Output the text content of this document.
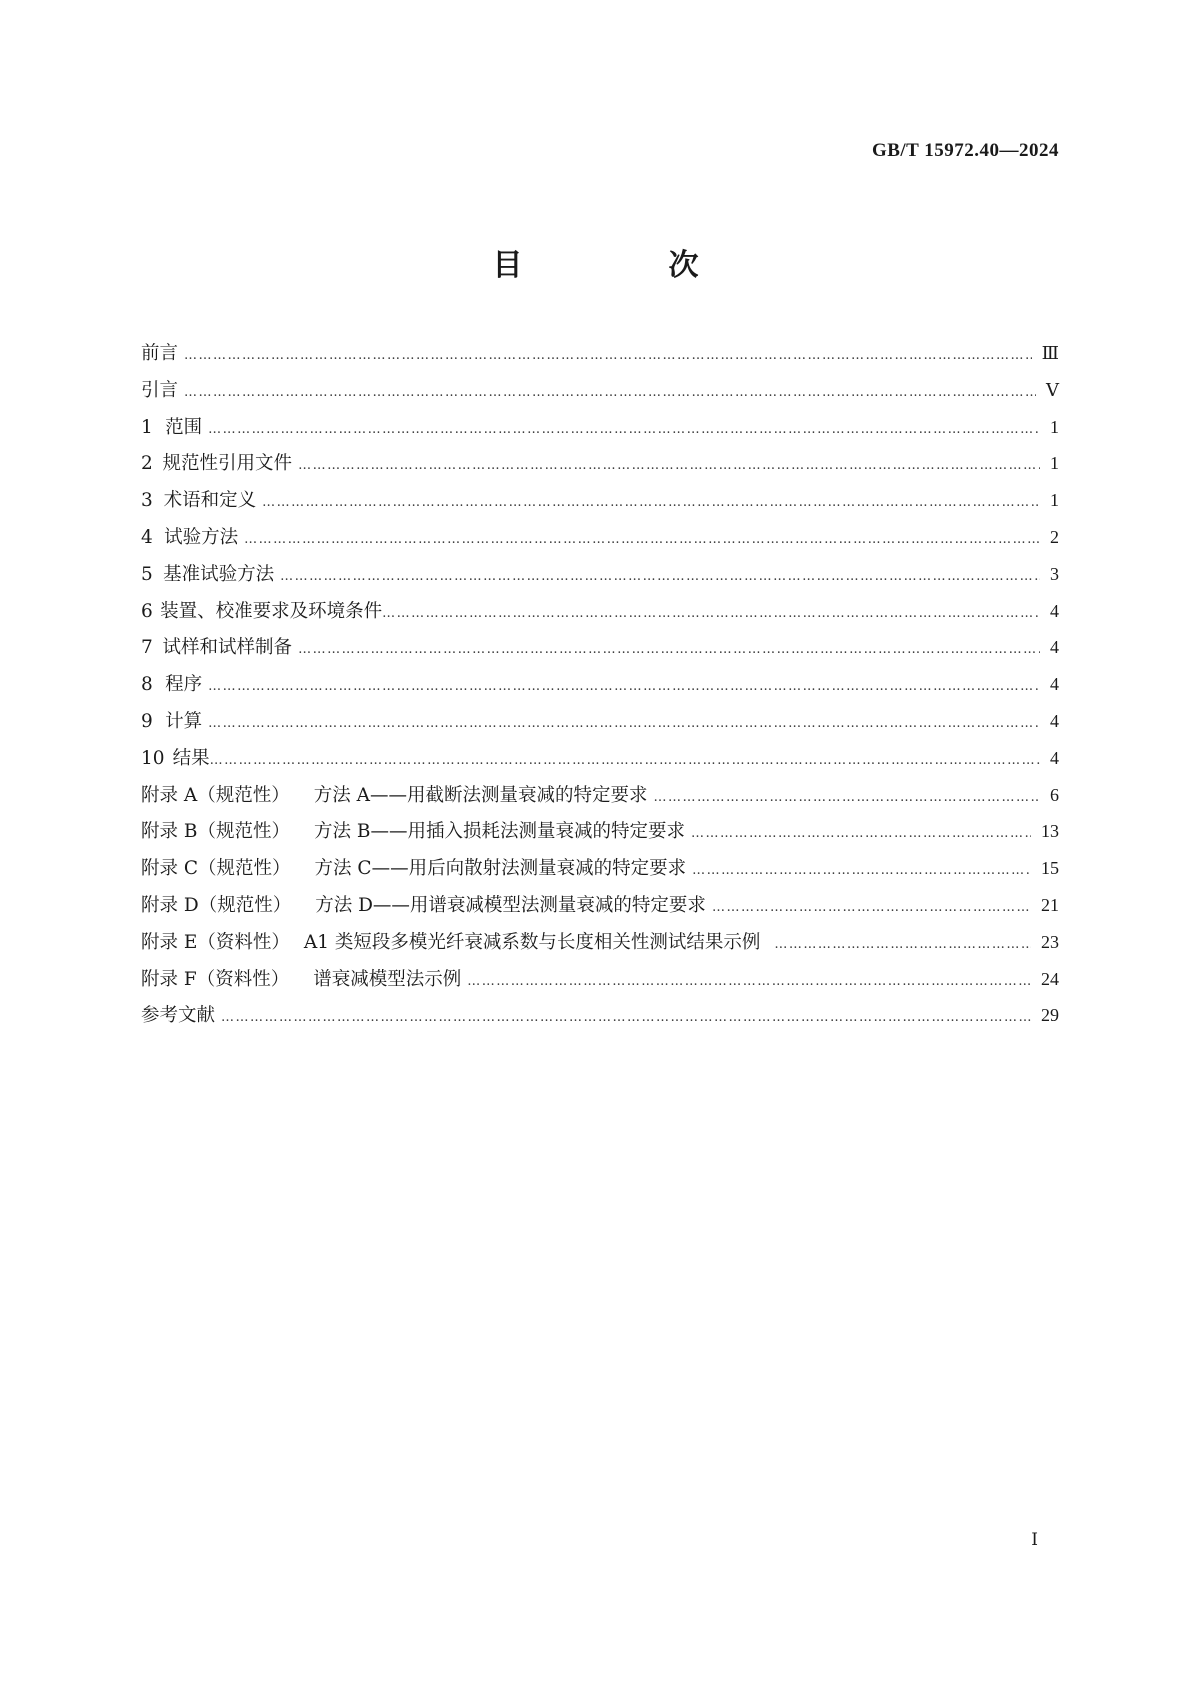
GB/T 15972.40—2024
目　次
前言 …………………………………………………………………………………………………………………………………………………………………………………………………………	Ⅲ
引言 …………………………………………………………………………………………………………………………………………………………………………………………………………	Ⅴ
1 范围 …………………………………………………………………………………………………………………………………………………………………………………………………………	1
2 规范性引用文件 …………………………………………………………………………………………………………………………………………………………………………………………………………	1
3 术语和定义 …………………………………………………………………………………………………………………………………………………………………………………………………………	1
4 试验方法 …………………………………………………………………………………………………………………………………………………………………………………………………………	2
5 基准试验方法 …………………………………………………………………………………………………………………………………………………………………………………………………………	3
6 装置、校准要求及环境条件 …………………………………………………………………………………………………………………………………………………………………………………………………………	4
7 试样和试样制备 …………………………………………………………………………………………………………………………………………………………………………………………………………	4
8 程序 …………………………………………………………………………………………………………………………………………………………………………………………………………	4
9 计算 …………………………………………………………………………………………………………………………………………………………………………………………………………	4
10 结果 …………………………………………………………………………………………………………………………………………………………………………………………………………	4
附录 A（规范性） 方法 A——用截断法测量衰减的特定要求 …………………………………………………………………………………………………………………………………………………………………………………………………………	6
附录 B（规范性） 方法 B——用插入损耗法测量衰减的特定要求 …………………………………………………………………………………………………………………………………………………………………………………………………………	13
附录 C（规范性） 方法 C——用后向散射法测量衰减的特定要求 …………………………………………………………………………………………………………………………………………………………………………………………………………	15
附录 D（规范性） 方法 D——用谱衰减模型法测量衰减的特定要求 …………………………………………………………………………………………………………………………………………………………………………………………………………	21
附录 E（资料性） A1 类短段多模光纤衰减系数与长度相关性测试结果示例 …………………………………………………………………………………………………………………………………………………………………………………………………………	23
附录 F（资料性） 谱衰减模型法示例 …………………………………………………………………………………………………………………………………………………………………………………………………………	24
参考文献 …………………………………………………………………………………………………………………………………………………………………………………………………………	29
Ⅰ
